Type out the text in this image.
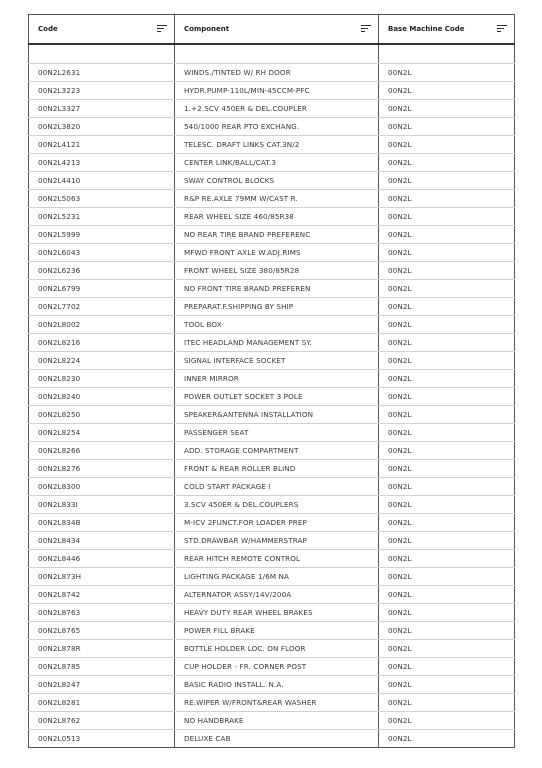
Code	Component	Base Machine Code

00N2L2631	WINDS./TINTED W/ RH DOOR	00N2L
00N2L3223	HYDR.PUMP-110L/MIN-45CCM-PFC	00N2L
00N2L3327	1.+2.SCV 450ER & DEL.COUPLER	00N2L
00N2L3820	540/1000 REAR PTO EXCHANG.	00N2L
00N2L4121	TELESC. DRAFT LINKS CAT.3N/2	00N2L
00N2L4213	CENTER LINK/BALL/CAT.3	00N2L
00N2L4410	SWAY CONTROL BLOCKS	00N2L
00N2L5063	R&P RE.AXLE 79MM W/CAST R.	00N2L
00N2L5231	REAR WHEEL SIZE 460/85R38	00N2L
00N2L5999	NO REAR TIRE BRAND PREFERENC	00N2L
00N2L6043	MFWD FRONT AXLE W.ADJ.RIMS	00N2L
00N2L6236	FRONT WHEEL SIZE 380/85R28	00N2L
00N2L6799	NO FRONT TIRE BRAND PREFEREN	00N2L
00N2L7702	PREPARAT.F.SHIPPING BY SHIP	00N2L
00N2L8002	TOOL BOX	00N2L
00N2L8216	ITEC HEADLAND MANAGEMENT SY.	00N2L
00N2L8224	SIGNAL INTERFACE SOCKET	00N2L
00N2L8230	INNER MIRROR	00N2L
00N2L8240	POWER OUTLET SOCKET 3 POLE	00N2L
00N2L8250	SPEAKER&ANTENNA INSTALLATION	00N2L
00N2L8254	PASSENGER SEAT	00N2L
00N2L8266	ADD. STORAGE COMPARTMENT	00N2L
00N2L8276	FRONT & REAR ROLLER BLIND	00N2L
00N2L8300	COLD START PACKAGE I	00N2L
00N2L833I	3.SCV 450ER & DEL.COUPLERS	00N2L
00N2L834B	M-ICV 2FUNCT.FOR LOADER PREP	00N2L
00N2L8434	STD.DRAWBAR W/HAMMERSTRAP	00N2L
00N2L8446	REAR HITCH REMOTE CONTROL	00N2L
00N2L873H	LIGHTING PACKAGE 1/6M NA	00N2L
00N2L8742	ALTERNATOR ASSY/14V/200A	00N2L
00N2L8763	HEAVY DUTY REAR WHEEL BRAKES	00N2L
00N2L8765	POWER FILL BRAKE	00N2L
00N2L878R	BOTTLE HOLDER LOC. ON FLOOR	00N2L
00N2L8785	CUP HOLDER - FR. CORNER POST	00N2L
00N2L8247	BASIC RADIO INSTALL. N.A.	00N2L
00N2L8281	RE.WIPER W/FRONT&REAR WASHER	00N2L
00N2L8762	NO HANDBRAKE	00N2L
00N2L0513	DELUXE CAB	00N2L
